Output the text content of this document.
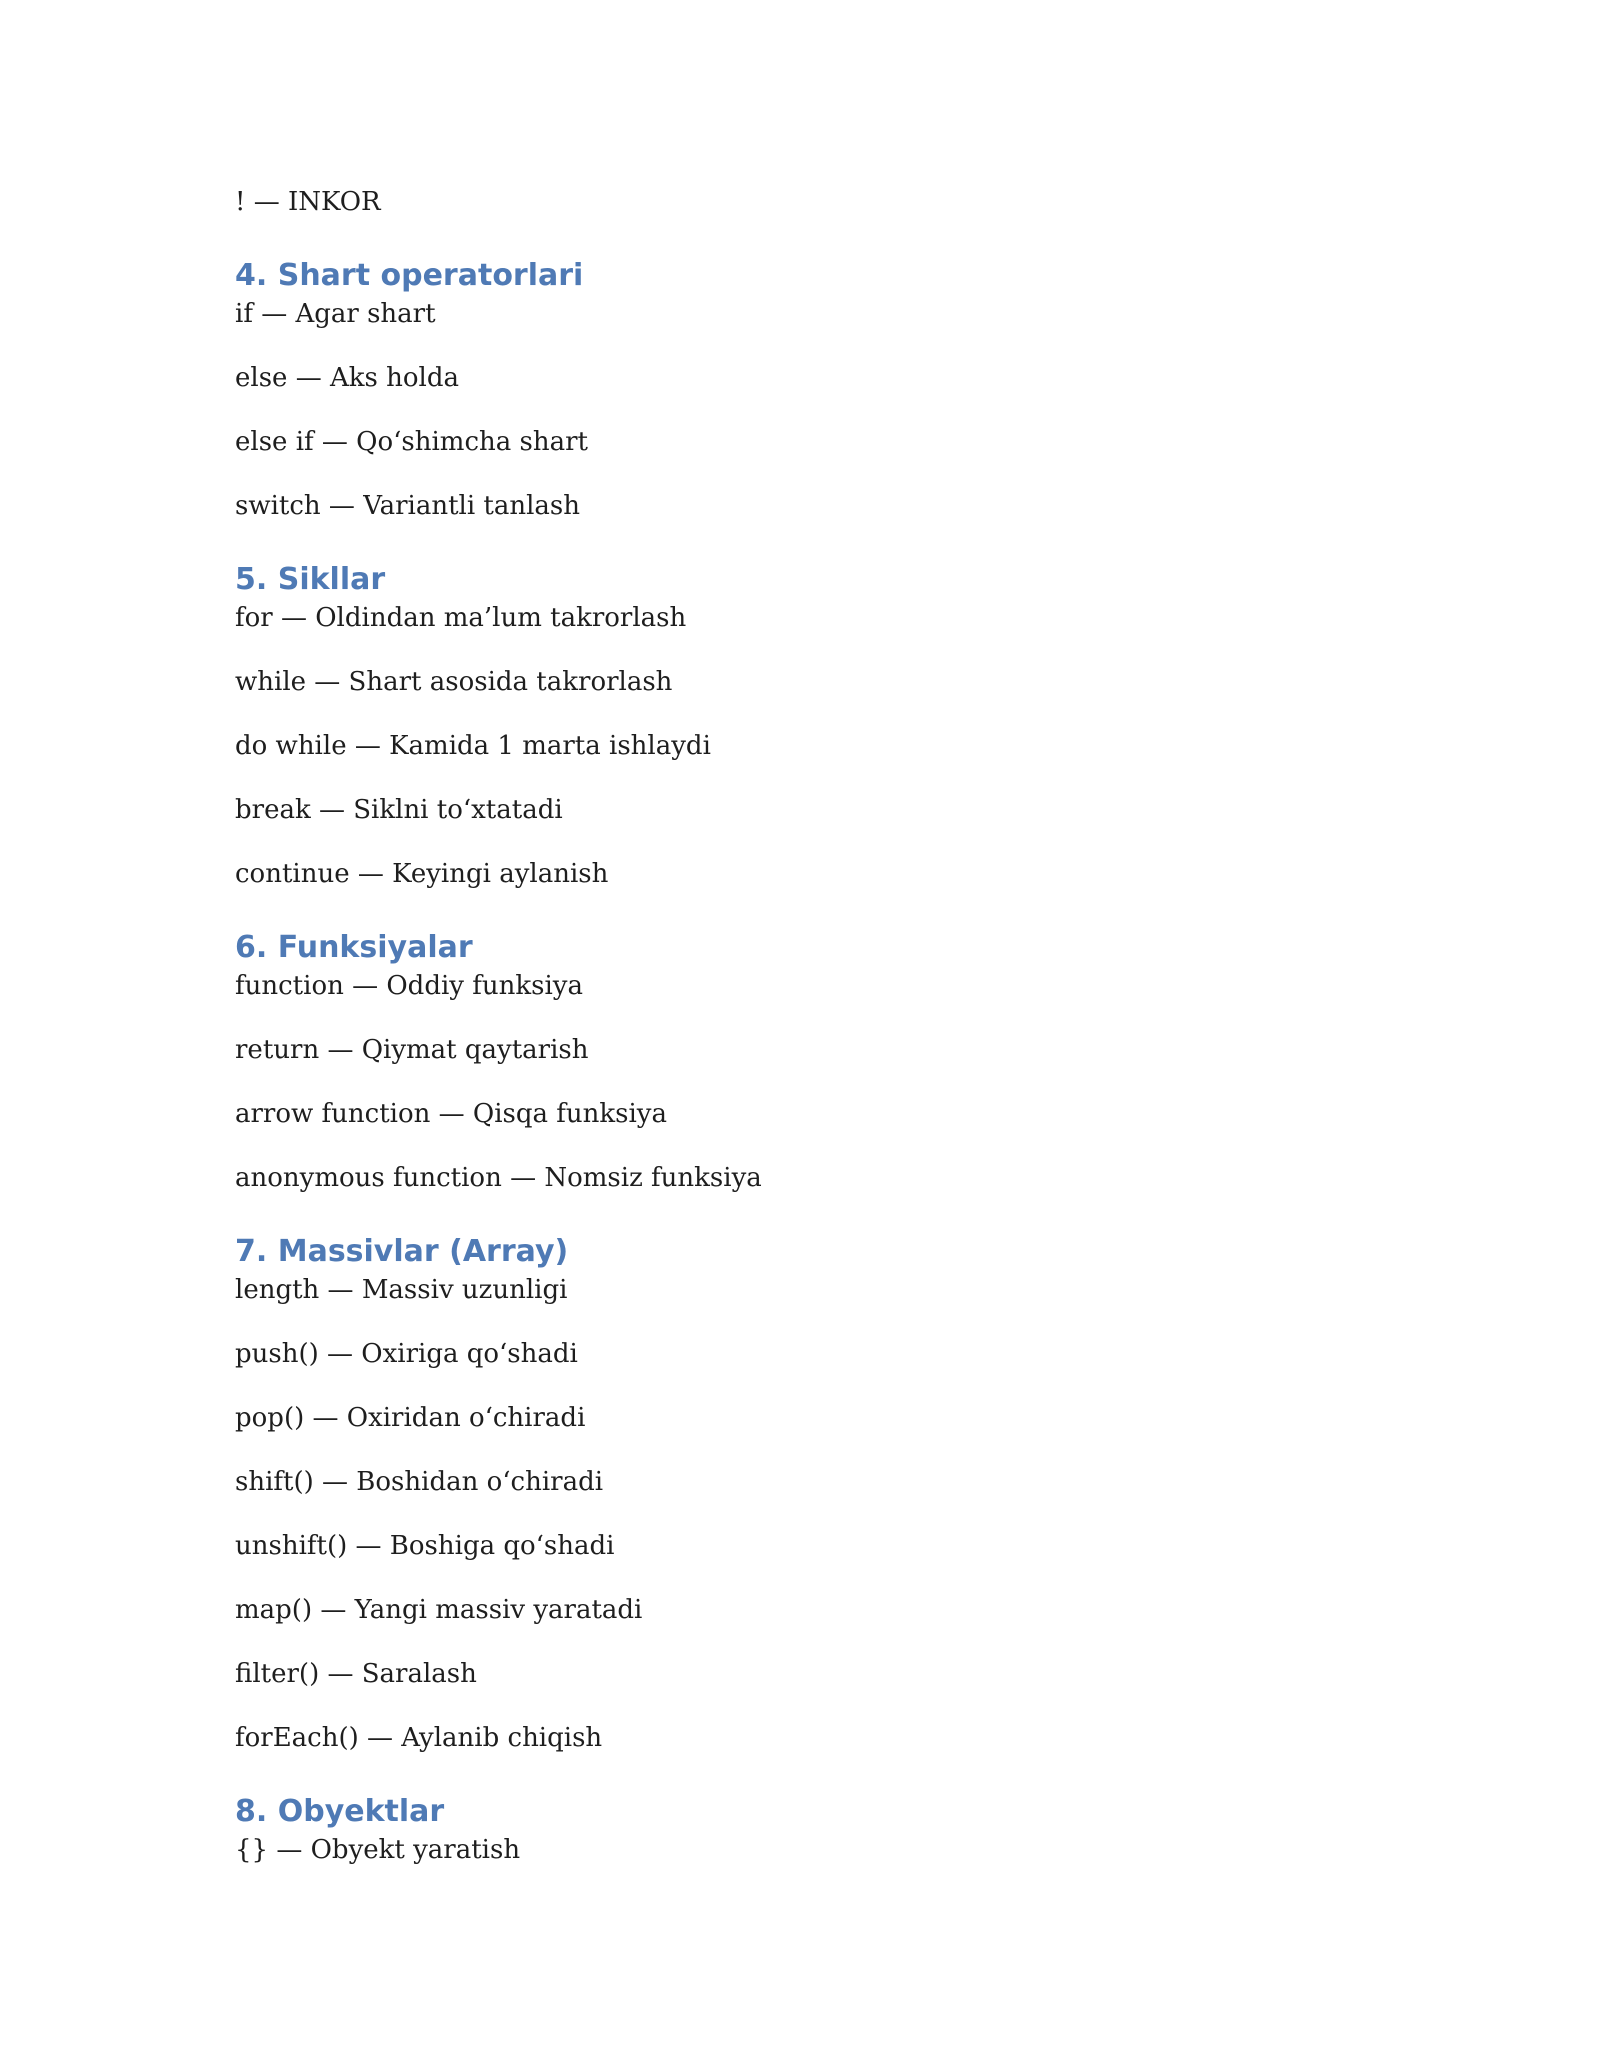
! — INKOR

4. Shart operatorlari

if — Agar shart

else — Aks holda

else if — Qo‘shimcha shart

switch — Variantli tanlash

5. Sikllar

for — Oldindan ma’lum takrorlash

while — Shart asosida takrorlash

do while — Kamida 1 marta ishlaydi

break — Siklni to‘xtatadi

continue — Keyingi aylanish

6. Funksiyalar

function — Oddiy funksiya

return — Qiymat qaytarish

arrow function — Qisqa funksiya

anonymous function — Nomsiz funksiya

7. Massivlar (Array)

length — Massiv uzunligi

push() — Oxiriga qo‘shadi

pop() — Oxiridan o‘chiradi

shift() — Boshidan o‘chiradi

unshift() — Boshiga qo‘shadi

map() — Yangi massiv yaratadi

filter() — Saralash

forEach() — Aylanib chiqish

8. Obyektlar

{} — Obyekt yaratish
